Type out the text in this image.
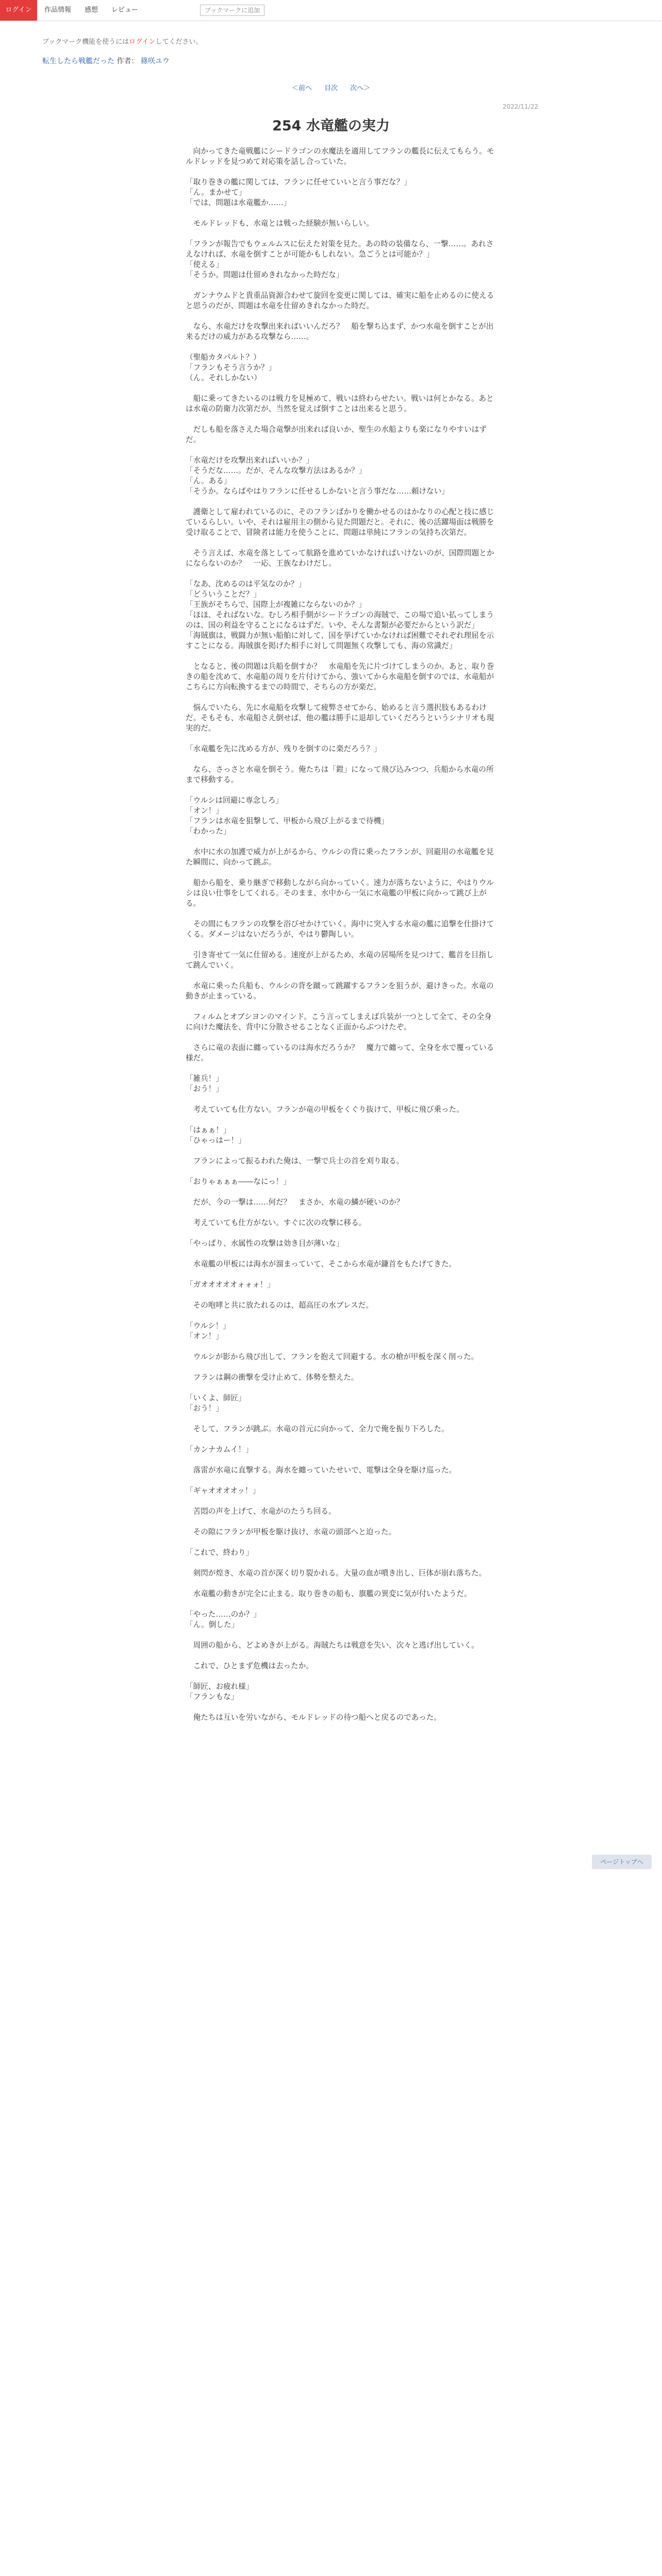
ログイン	作品情報 感想 レビュー	ブックマークに追加
ブックマーク機能を使うにはログインしてください。
転生したら戦艦だった 作者： 篠咲ユウ
＜前へ 目次 次へ＞
2022/11/22
254 水竜艦の実力

　向かってきた竜戦艦にシードラゴンの水魔法を適用してフランの艦長に伝えてもらう。モルドレッドを見つめて対応策を話し合っていた。

「取り巻きの艦に関しては、フランに任せていいと言う事だな？」
「ん。まかせて」
「では、問題は水竜艦か……」

　モルドレッドも、水竜とは戦った経験が無いらしい。

「フランが報告でもウェルムスに伝えた対策を見た。あの時の装備なら、一撃……。あれさえなければ、水竜を倒すことが可能かもしれない。急ごうとは可能か？」
「使える」
「そうか。問題は仕留めきれなかった時だな」

　ガンナウムドと貴重品資源合わせて旋回を変更に関しては、確実に船を止めるのに使えると思うのだが、問題は水竜を仕留めきれなかった時だ。

　なら、水竜だけを攻撃出来ればいいんだろ？　船を撃ち込まず、かつ水竜を倒すことが出来るだけの威力がある攻撃なら……。

（聖船カタパルト？）
「フランもそう言うか？」
（ん。それしかない）

　船に乗ってきたいるのは戦力を見極めて、戦いは終わらせたい。戦いは何とかなる。あとは水竜の防衛力次第だが、当然を覚えば倒すことは出来ると思う。

　だしも船を落さえた場合竜撃が出来れば良いか、聖生の水船よりも楽になりやすいはずだ。

「水竜だけを攻撃出来ればいいか？」
「そうだな……。だが、そんな攻撃方法はあるか？」
「ん。ある」
「そうか。ならばやはりフランに任せるしかないと言う事だな……頼けない」

　護衛として雇われているのに、そのフランばかりを働かせるのはかなりの心配と技に感じているらしい。いや、それは雇用主の側から見た問題だと。それに、後の活躍場面は戦勝を受け取ることで、冒険者は能力を使うことに、問題は単純にフランの気持ち次第だ。

　そう言えば、水竜を落としてって航路を進めていかなければいけないのが、国際問題とかにならないのか？　一応、王族なわけだし。

「なあ、沈めるのは平気なのか？」
「どういうことだ？」
「王族がそちらで、国際上が複雑にならないのか？」
「ほほ、そればないな。むしろ相手側がシードラゴンの海賊で、この場で追い払ってしまうのは、国の利益を守ることになるはずだ。いや、そんな書類が必要だからという訳だ」
「海賊旗は、戦闘力が無い船舶に対して、国を挙げていかなければ困難でそれぞれ理屈を示すことになる。海賊旗を掲げた相手に対して問題無く攻撃しても、海の常識だ」

　となると、後の問題は兵船を倒すか？　水竜船を先に片づけてしまうのか。あと、取り巻きの船を沈めて、水竜船の周りを片付けてから、強いてから水竜船を倒すのでは、水竜船がこちらに方向転換するまでの時間で、そちらの方が楽だ。

　悩んでいたら、先に水竜船を攻撃して疲弊させてから、始めると言う選択肢もあるわけだ。そもそも、水竜船さえ倒せば、他の艦は勝手に退却していくだろうというシナリオも現実的だ。

「水竜艦を先に沈める方が、残りを倒すのに楽だろう？」

　なら、さっさと水竜を倒そう。俺たちは「鎧」になって飛び込みつつ、兵船から水竜の所まで移動する。

「ウルシは回避に専念しろ」
「オン！」
「フランは水竜を狙撃して、甲板から飛び上がるまで待機」
「わかった」

　水中に水の加護で威力が上がるから、ウルシの背に乗ったフランが、回避用の水竜艦を見た瞬間に、向かって跳ぶ。

　船から船を、乗り継ぎで移動しながら向かっていく。速力が落ちないように、やはりウルシは良い仕事をしてくれる。そのまま、水中から一気に水竜艦の甲板に向かって跳び上がる。

　その間にもフランの攻撃を浴びせかけていく。海中に突入する水竜の艦に追撃を仕掛けてくる。ダメージはないだろうが、やはり鬱陶しい。

　引き寄せて一気に仕留める。速度が上がるため、水竜の居場所を見つけて、艦首を目指して跳んでいく。

　水竜に乗った兵船も、ウルシの背を蹴って跳躍するフランを狙うが、避けきった。水竜の動きが止まっている。

　フィルムとオブシヨンのマインド。こう言ってしまえば兵装が一つとして全て、その全身に向けた魔法を、背中に分散させることなく正面からぶつけたぞ。

　さらに竜の表面に纏っているのは海水だろうか？　魔力で纏って、全身を水で覆っている様だ。

「雑兵！」
「おう！」

　考えていても仕方ない。フランが竜の甲板をくぐり抜けて、甲板に飛び乗った。

「はぁぁ！」
「ひゃっはー！」

　フランによって振るわれた俺は、一撃で兵士の首を刈り取る。

「おりゃぁぁぁ――なにっ！」

　だが、今の一撃は……何だ？　まさか、水竜の鱗が硬いのか？

　考えていても仕方がない。すぐに次の攻撃に移る。

「やっぱり、水属性の攻撃は効き目が薄いな」

　水竜艦の甲板には海水が溜まっていて、そこから水竜が鎌首をもたげてきた。

「ガオオオオオォォォ！」

　その咆哮と共に放たれるのは、超高圧の水ブレスだ。

「ウルシ！」
「オン！」

　ウルシが影から飛び出して、フランを抱えて回避する。水の槍が甲板を深く削った。

　フランは鋼の衝撃を受け止めて、体勢を整えた。

「いくよ、師匠」
「おう！」

　そして、フランが跳ぶ。水竜の首元に向かって、全力で俺を振り下ろした。

「カンナカムイ！」

　落雷が水竜に直撃する。海水を纏っていたせいで、電撃は全身を駆け巡った。

「ギャオオオオッ！」

　苦悶の声を上げて、水竜がのたうち回る。

　その隙にフランが甲板を駆け抜け、水竜の頭部へと迫った。

「これで、終わり」

　剣閃が煌き、水竜の首が深く切り裂かれる。大量の血が噴き出し、巨体が崩れ落ちた。

　水竜艦の動きが完全に止まる。取り巻きの船も、旗艦の異変に気が付いたようだ。

「やった……のか？」
「ん。倒した」

　周囲の船から、どよめきが上がる。海賊たちは戦意を失い、次々と逃げ出していく。

　これで、ひとまず危機は去ったか。

「師匠、お疲れ様」
「フランもな」

　俺たちは互いを労いながら、モルドレッドの待つ船へと戻るのであった。

ページトップへ
